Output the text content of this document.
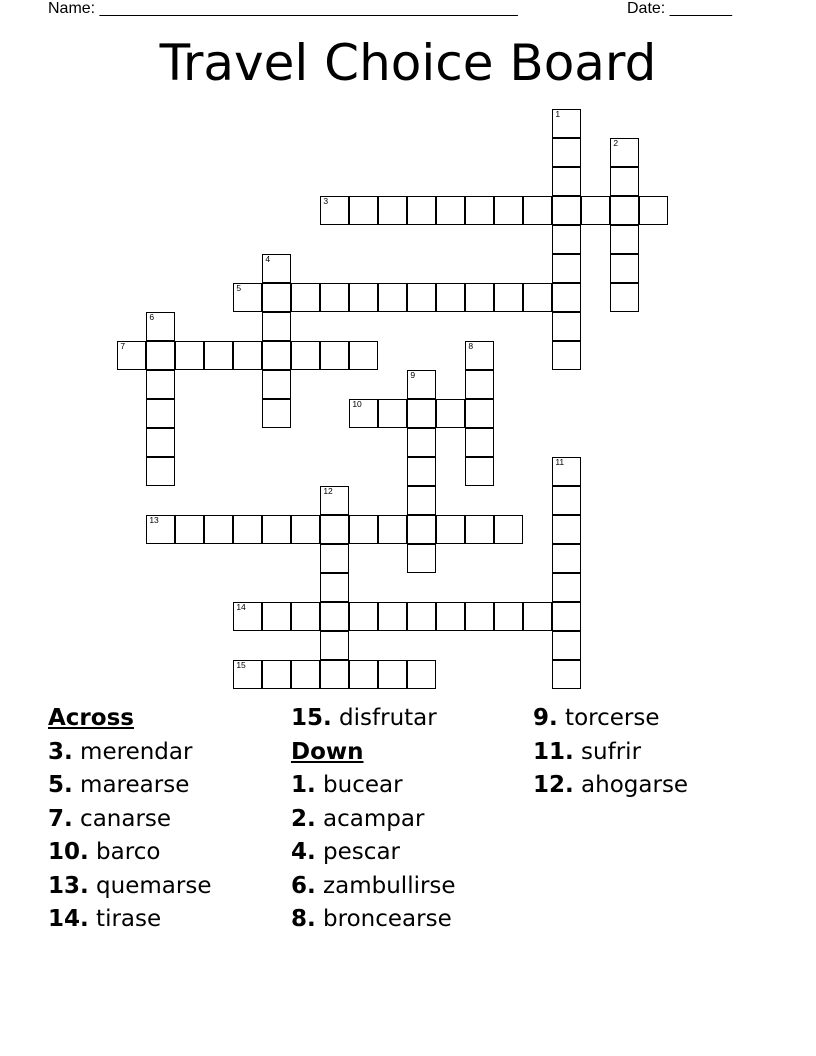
Name: _______________________________________________	Date: _______
Travel Choice Board
1
2
3
4
5
6
7	8
9
10
11
12
13
14
15
Across
3. merendar
5. marearse
7. canarse
10. barco
13. quemarse
14. tirase
15. disfrutar
Down
1. bucear
2. acampar
4. pescar
6. zambullirse
8. broncearse
9. torcerse
11. sufrir
12. ahogarse
